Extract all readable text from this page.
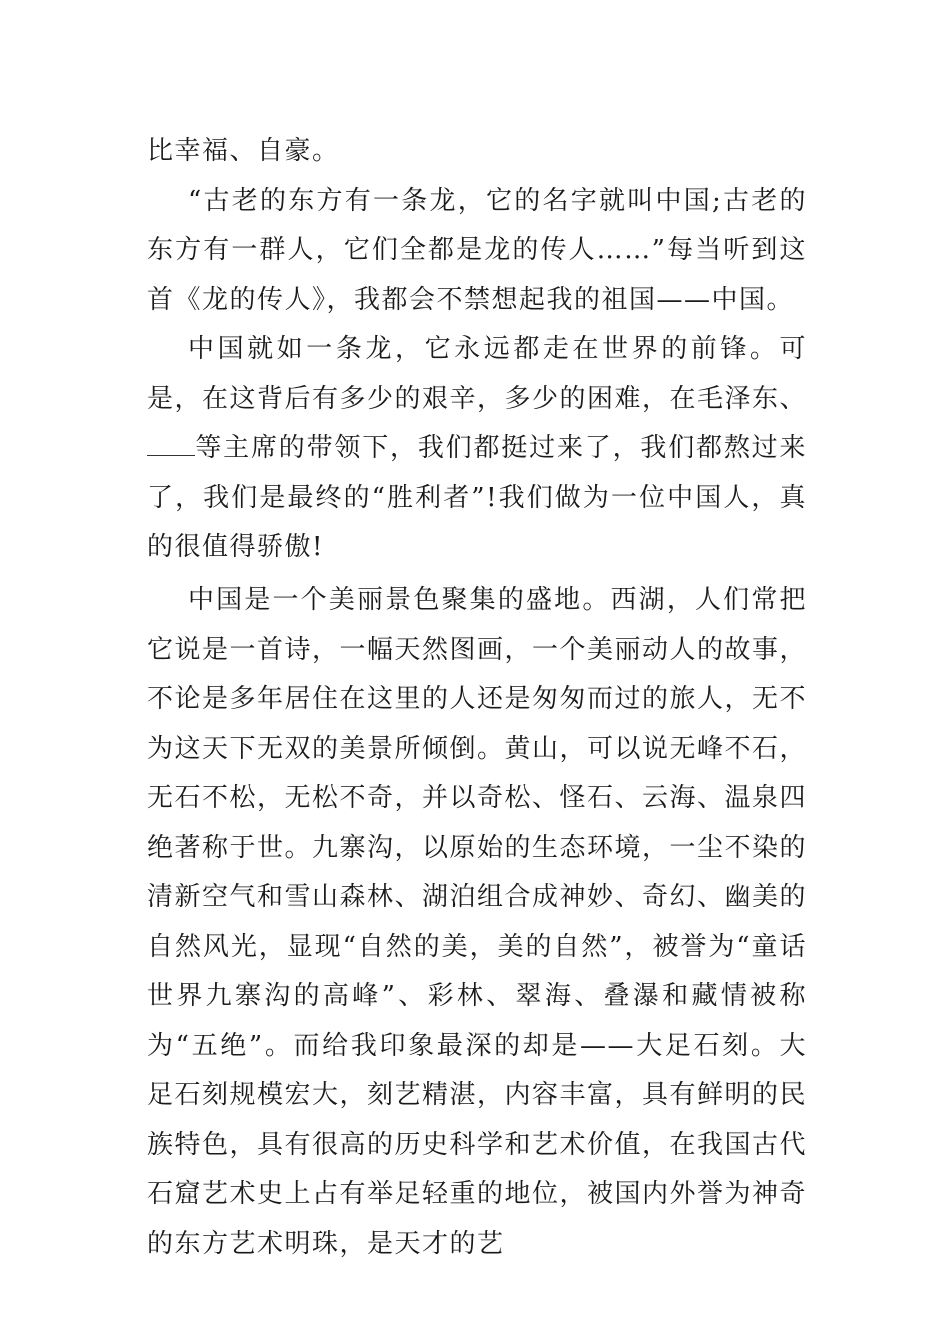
比幸福、自豪。

“古老的东方有一条龙，它的名字就叫中国;古老的东方有一群人，它们全都是龙的传人……”每当听到这首《龙的传人》，我都会不禁想起我的祖国——中国。

中国就如一条龙，它永远都走在世界的前锋。可是，在这背后有多少的艰辛，多少的困难，在毛泽东、等主席的带领下，我们都挺过来了，我们都熬过来了，我们是最终的“胜利者”!我们做为一位中国人，真的很值得骄傲!

中国是一个美丽景色聚集的盛地。西湖，人们常把它说是一首诗，一幅天然图画，一个美丽动人的故事，不论是多年居住在这里的人还是匆匆而过的旅人，无不为这天下无双的美景所倾倒。黄山，可以说无峰不石，无石不松，无松不奇，并以奇松、怪石、云海、温泉四绝著称于世。九寨沟，以原始的生态环境，一尘不染的清新空气和雪山森林、湖泊组合成神妙、奇幻、幽美的自然风光，显现“自然的美，美的自然”，被誉为“童话世界九寨沟的高峰”、彩林、翠海、叠瀑和藏情被称为“五绝”。而给我印象最深的却是——大足石刻。大足石刻规模宏大，刻艺精湛，内容丰富，具有鲜明的民族特色，具有很高的历史科学和艺术价值，在我国古代石窟艺术史上占有举足轻重的地位，被国内外誉为神奇的东方艺术明珠，是天才的艺
